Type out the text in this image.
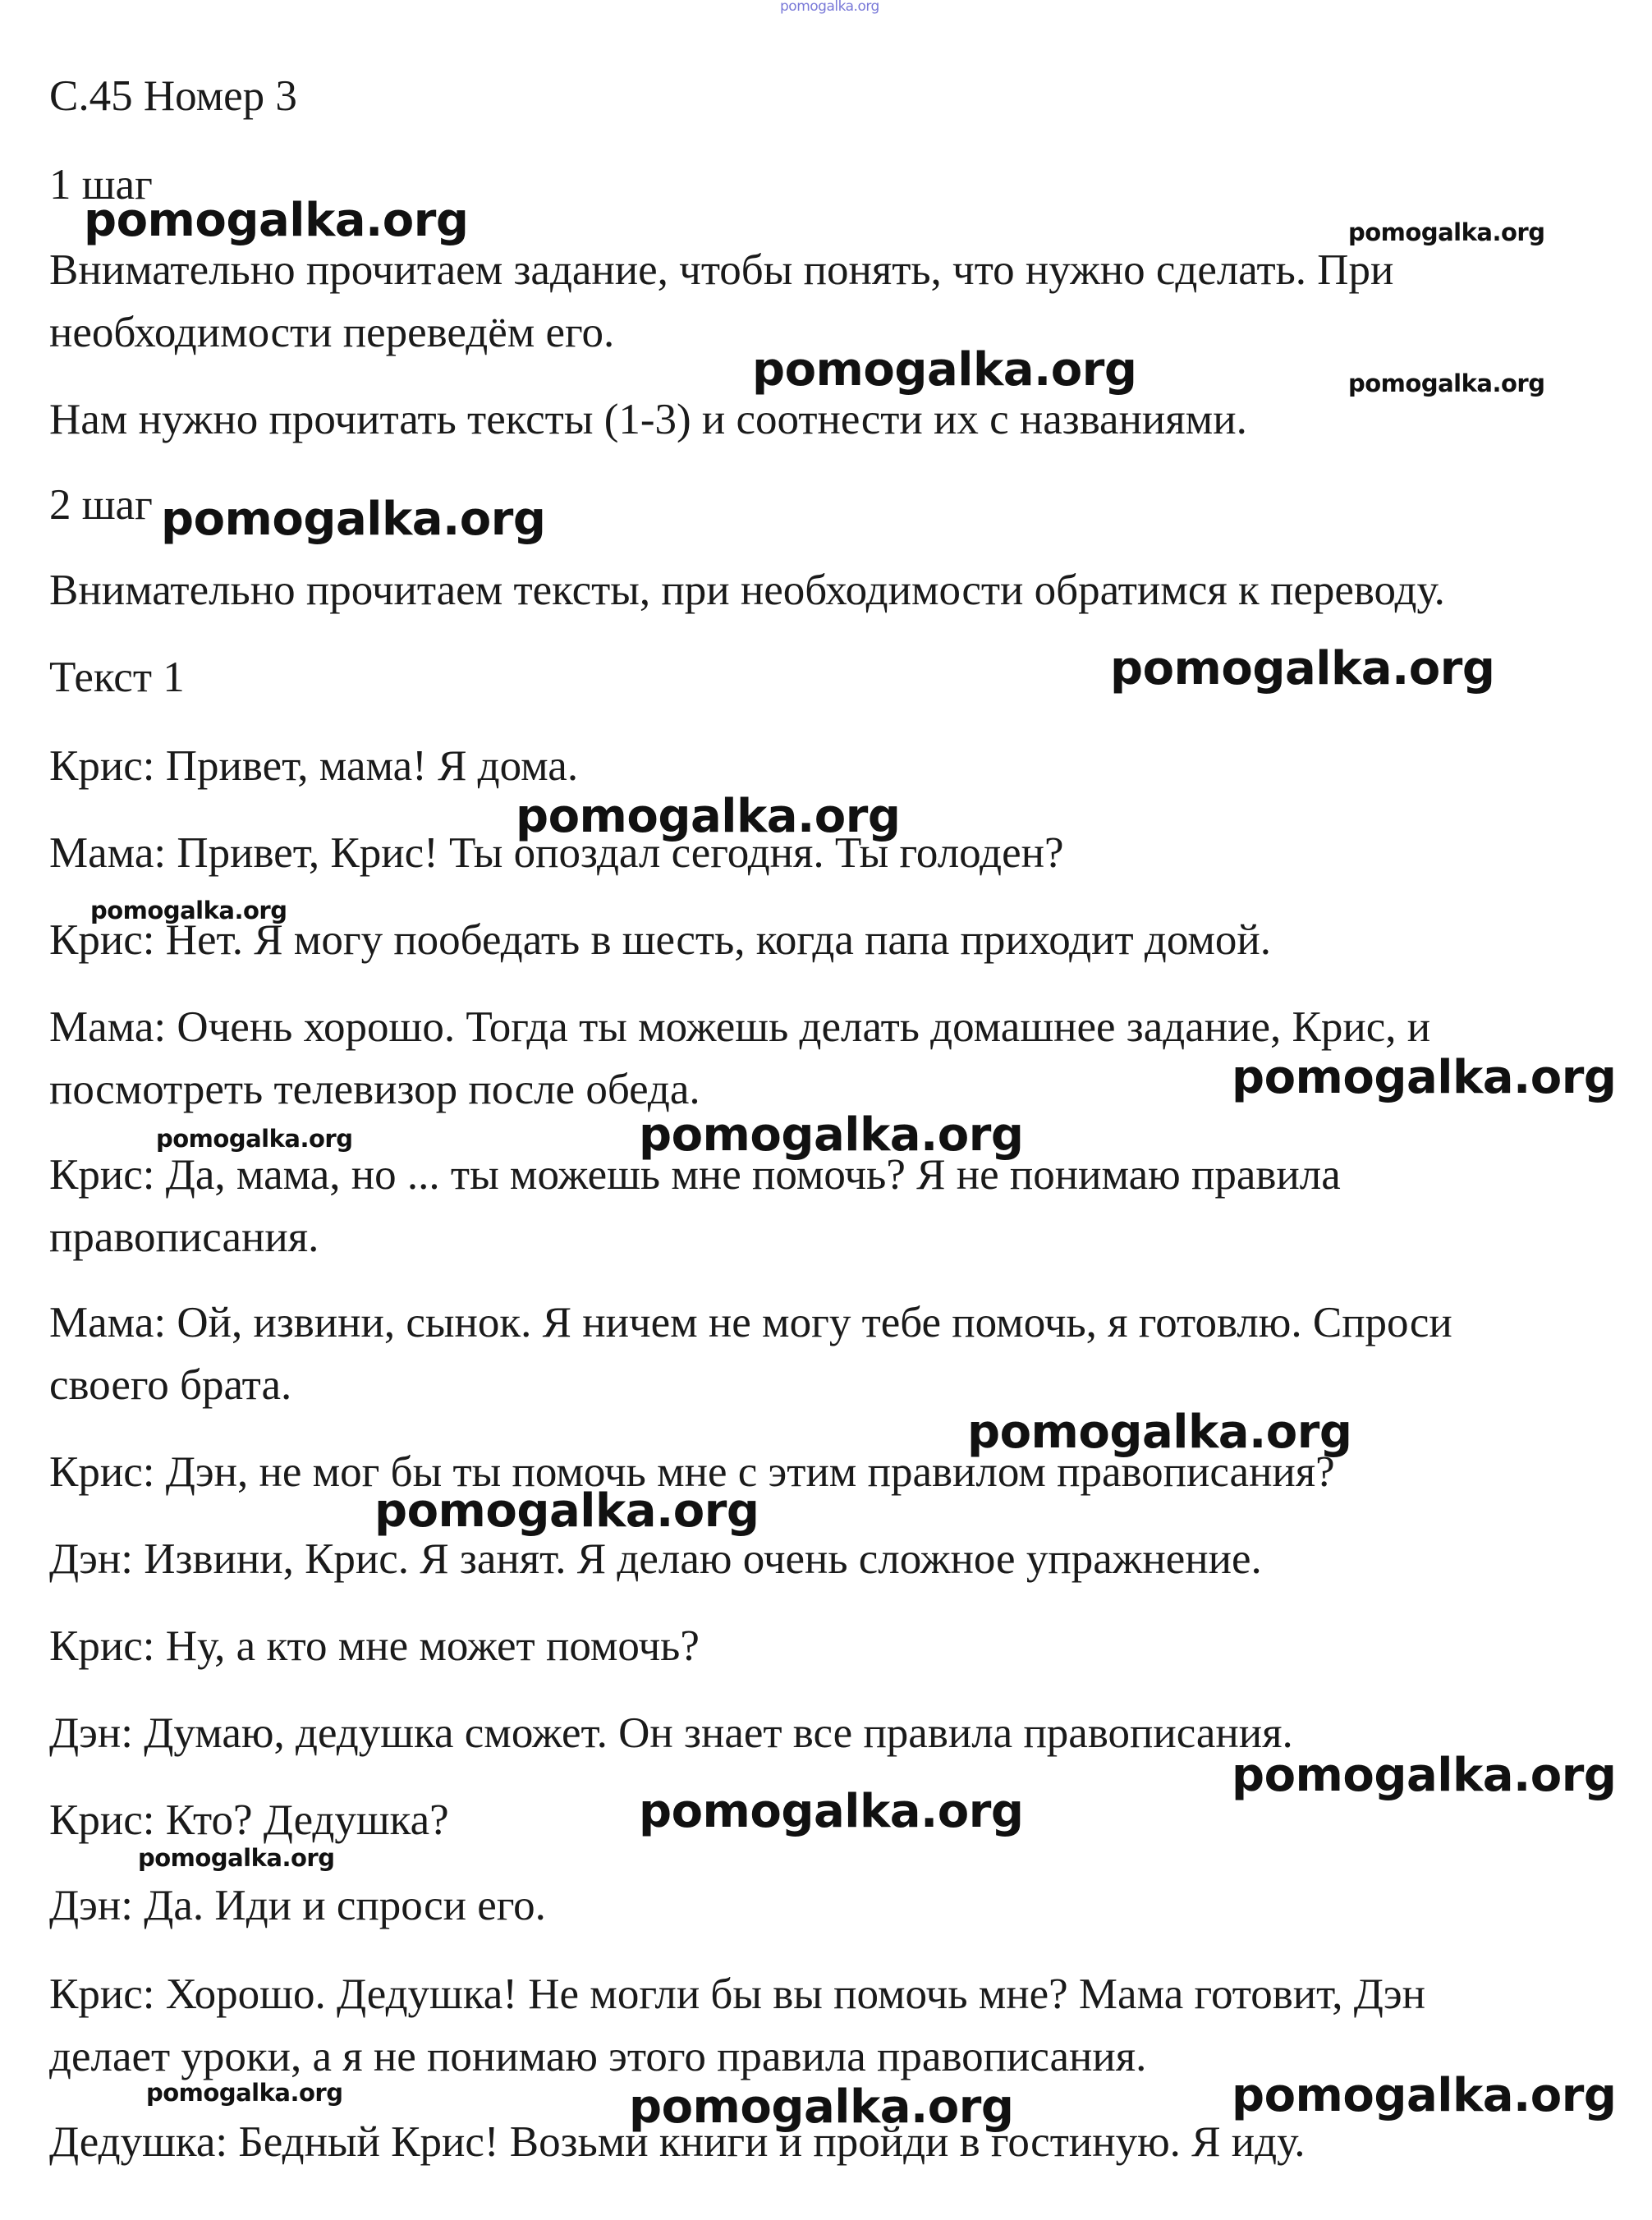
pomogalka.org

С.45 Номер 3

1 шаг

Внимательно прочитаем задание, чтобы понять, что нужно сделать. При

необходимости переведём его.

Нам нужно прочитать тексты (1-3) и соотнести их с названиями.

2 шаг

Внимательно прочитаем тексты, при необходимости обратимся к переводу.

Текст 1

Крис: Привет, мама! Я дома.

Мама: Привет, Крис! Ты опоздал сегодня. Ты голоден?

Крис: Нет. Я могу пообедать в шесть, когда папа приходит домой.

Мама: Очень хорошо. Тогда ты можешь делать домашнее задание, Крис, и

посмотреть телевизор после обеда.

Крис: Да, мама, но ... ты можешь мне помочь? Я не понимаю правила

правописания.

Мама: Ой, извини, сынок. Я ничем не могу тебе помочь, я готовлю. Спроси

своего брата.

Крис: Дэн, не мог бы ты помочь мне с этим правилом правописания?

Дэн: Извини, Крис. Я занят. Я делаю очень сложное упражнение.

Крис: Ну, а кто мне может помочь?

Дэн: Думаю, дедушка сможет. Он знает все правила правописания.

Крис: Кто? Дедушка?

Дэн: Да. Иди и спроси его.

Крис: Хорошо. Дедушка! Не могли бы вы помочь мне? Мама готовит, Дэн

делает уроки, а я не понимаю этого правила правописания.

Дедушка: Бедный Крис! Возьми книги и пройди в гостиную. Я иду.

pomogalka.org	pomogalka.org
pomogalka.org	pomogalka.org
pomogalka.org
pomogalka.org
pomogalka.org
pomogalka.org
pomogalka.org
pomogalka.org	pomogalka.org
pomogalka.org
pomogalka.org
pomogalka.org
pomogalka.org
pomogalka.org
pomogalka.org	pomogalka.org	pomogalka.org
